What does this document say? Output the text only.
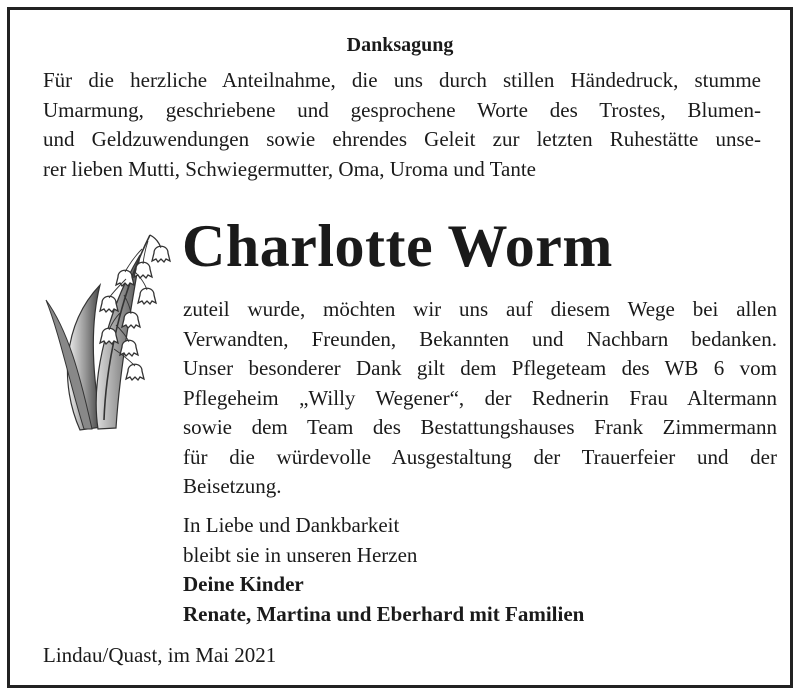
Danksagung
Für die herzliche Anteilnahme, die uns durch stillen Händedruck, stumme
Umarmung, geschriebene und gesprochene Worte des Trostes, Blumen-
und Geldzuwendungen sowie ehrendes Geleit zur letzten Ruhestätte unse-
rer lieben Mutti, Schwiegermutter, Oma, Uroma und Tante
Charlotte Worm
zuteil wurde, möchten wir uns auf diesem Wege bei allen
Verwandten, Freunden, Bekannten und Nachbarn bedanken.
Unser besonderer Dank gilt dem Pflegeteam des WB 6 vom
Pflegeheim „Willy Wegener“, der Rednerin Frau Altermann
sowie dem Team des Bestattungshauses Frank Zimmermann
für die würdevolle Ausgestaltung der Trauerfeier und der
Beisetzung.
In Liebe und Dankbarkeit
bleibt sie in unseren Herzen
Deine Kinder
Renate, Martina und Eberhard mit Familien
Lindau/Quast, im Mai 2021
